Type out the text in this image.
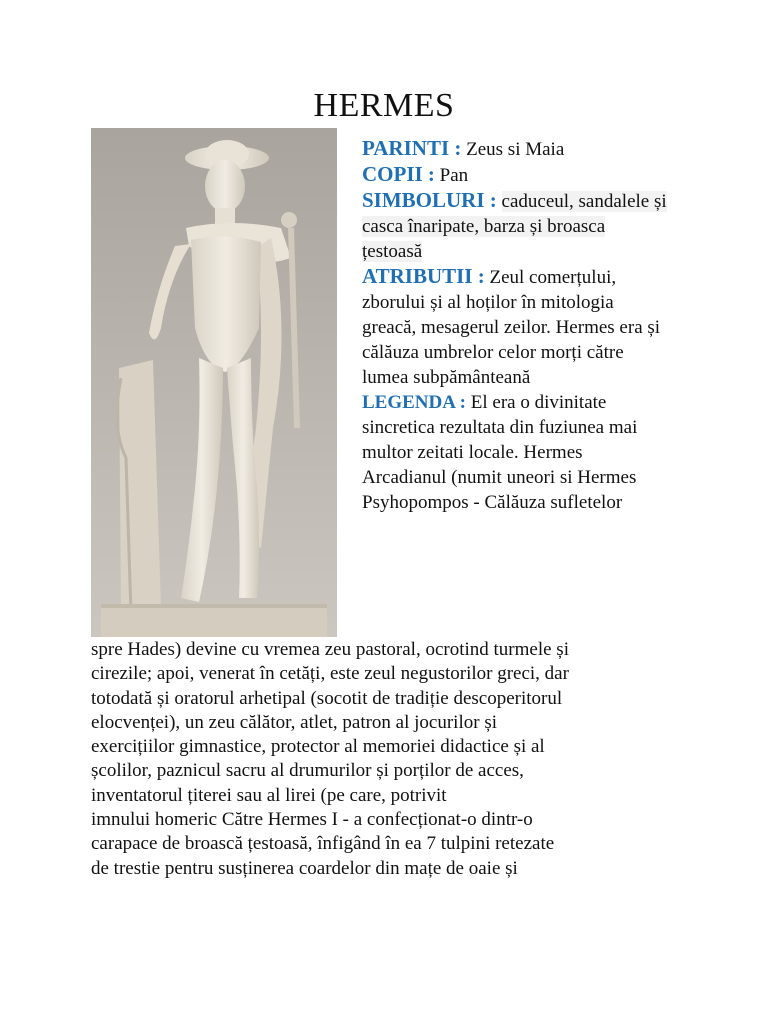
HERMES
PARINTI : Zeus si Maia
COPII : Pan
SIMBOLURI : caduceul, sandalele și
casca înaripate, barza și broasca
țestoasă
ATRIBUTII : Zeul comerțului,
zborului și al hoților în mitologia
greacă, mesagerul zeilor. Hermes era și
călăuza umbrelor celor morți către
lumea subpământeană
LEGENDA : El era o divinitate
sincretica rezultata din fuziunea mai
multor zeitati locale. Hermes
Arcadianul (numit uneori si Hermes
Psyhopompos - Călăuza sufletelor
spre Hades) devine cu vremea zeu pastoral, ocrotind turmele și
cirezile; apoi, venerat în cetăți, este zeul negustorilor greci, dar
totodată și oratorul arhetipal (socotit de tradiție descoperitorul
elocvenței), un zeu călător, atlet, patron al jocurilor și
exercițiilor gimnastice, protector al memoriei didactice și al
școlilor, paznicul sacru al drumurilor și porților de acces,
inventatorul țiterei sau al lirei (pe care, potrivit
imnului homeric Către Hermes I - a confecționat-o dintr-o
carapace de broască țestoasă, înfigând în ea 7 tulpini retezate
de trestie pentru susținerea coardelor din mațe de oaie și
